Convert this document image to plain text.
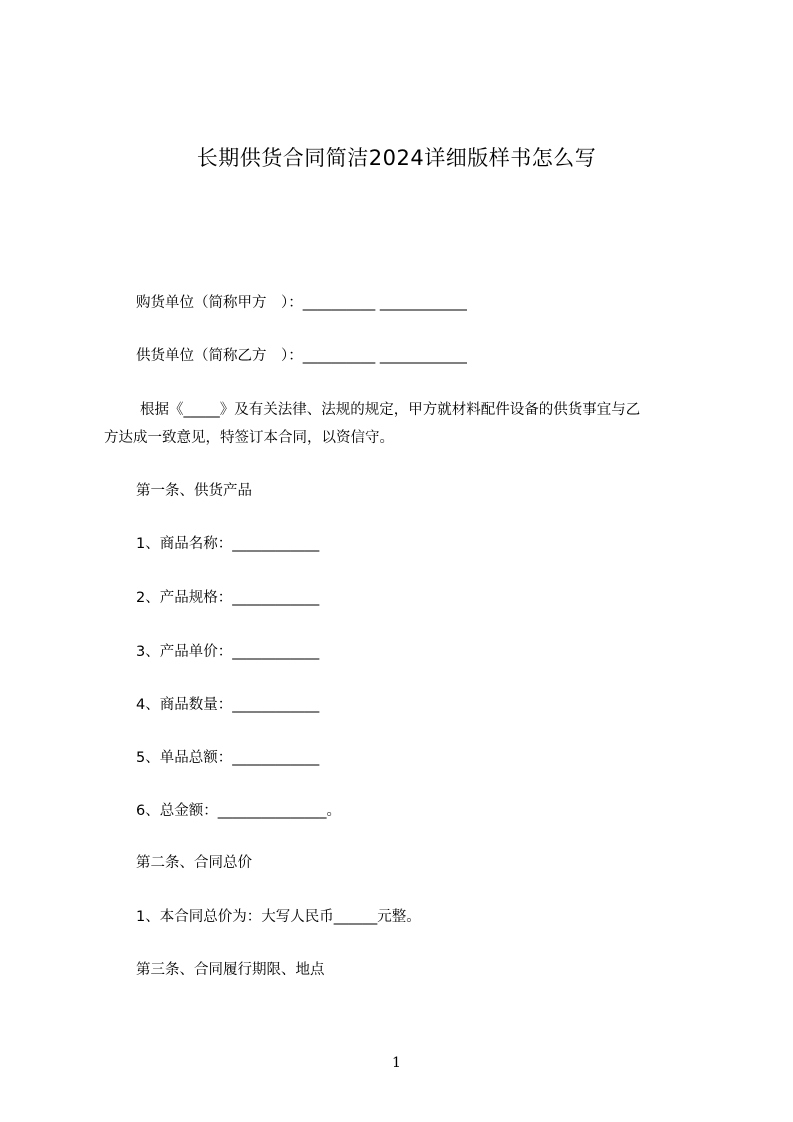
长期供货合同简洁2024详细版样书怎么写

购货单位（简称甲方　）：__________ ____________

供货单位（简称乙方　）：__________ ____________

根据《_____》及有关法律、法规的规定，甲方就材料配件设备的供货事宜与乙
方达成一致意见，特签订本合同，以资信守。

第一条、供货产品

1、商品名称：____________

2、产品规格：____________

3、产品单价：____________

4、商品数量：____________

5、单品总额：____________

6、总金额：_______________。

第二条、合同总价

1、本合同总价为：大写人民币______元整。

第三条、合同履行期限、地点

1
